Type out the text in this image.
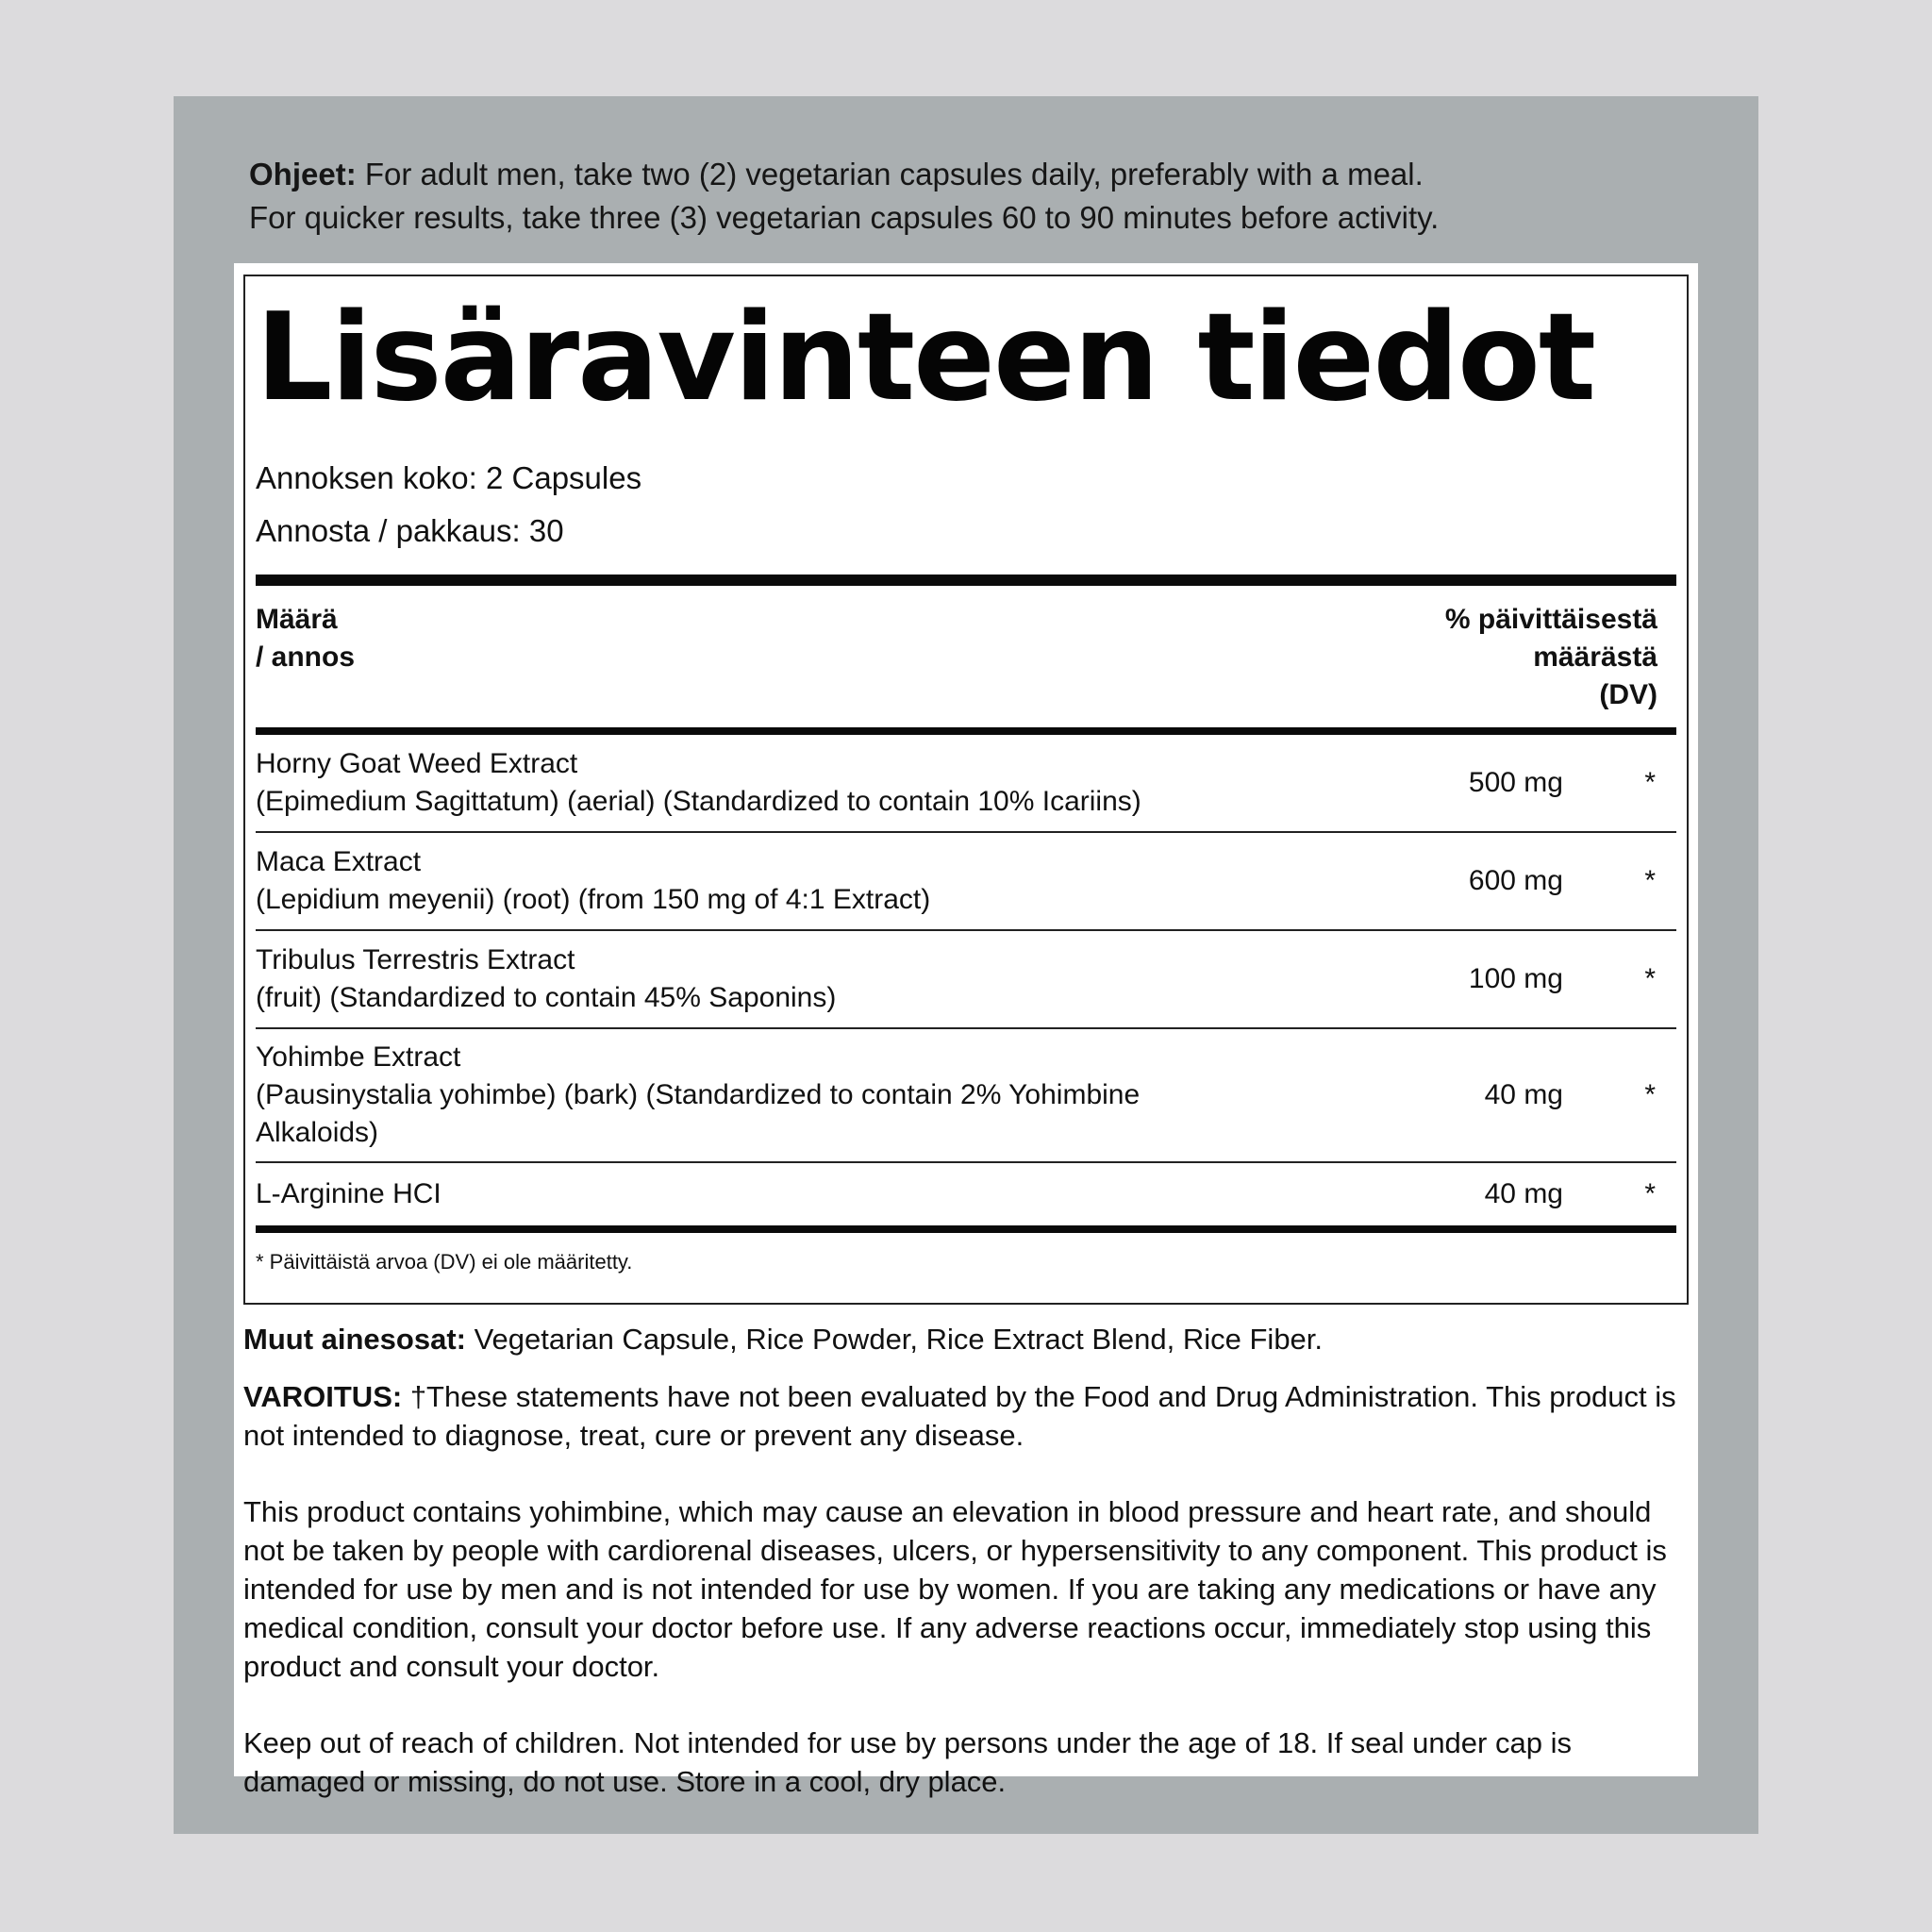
Ohjeet: For adult men, take two (2) vegetarian capsules daily, preferably with a meal.
For quicker results, take three (3) vegetarian capsules 60 to 90 minutes before activity.
Lisäravinteen tiedot
Annoksen koko: 2 Capsules
Annosta / pakkaus: 30
Määrä
/ annos
% päivittäisestä
määrästä
(DV)
Horny Goat Weed Extract
(Epimedium Sagittatum) (aerial) (Standardized to contain 10% Icariins)
500 mg	*
Maca Extract
(Lepidium meyenii) (root) (from 150 mg of 4:1 Extract)
600 mg	*
Tribulus Terrestris Extract
(fruit) (Standardized to contain 45% Saponins)
100 mg	*
Yohimbe Extract
(Pausinystalia yohimbe) (bark) (Standardized to contain 2% Yohimbine Alkaloids)
40 mg	*
L-Arginine HCI	40 mg	*
* Päivittäistä arvoa (DV) ei ole määritetty.

Muut ainesosat: Vegetarian Capsule, Rice Powder, Rice Extract Blend, Rice Fiber.

VAROITUS: †These statements have not been evaluated by the Food and Drug Administration. This product is not intended to diagnose, treat, cure or prevent any disease.

This product contains yohimbine, which may cause an elevation in blood pressure and heart rate, and should not be taken by people with cardiorenal diseases, ulcers, or hypersensitivity to any component. This product is intended for use by men and is not intended for use by women. If you are taking any medications or have any medical condition, consult your doctor before use. If any adverse reactions occur, immediately stop using this product and consult your doctor.

Keep out of reach of children. Not intended for use by persons under the age of 18. If seal under cap is damaged or missing, do not use. Store in a cool, dry place.
